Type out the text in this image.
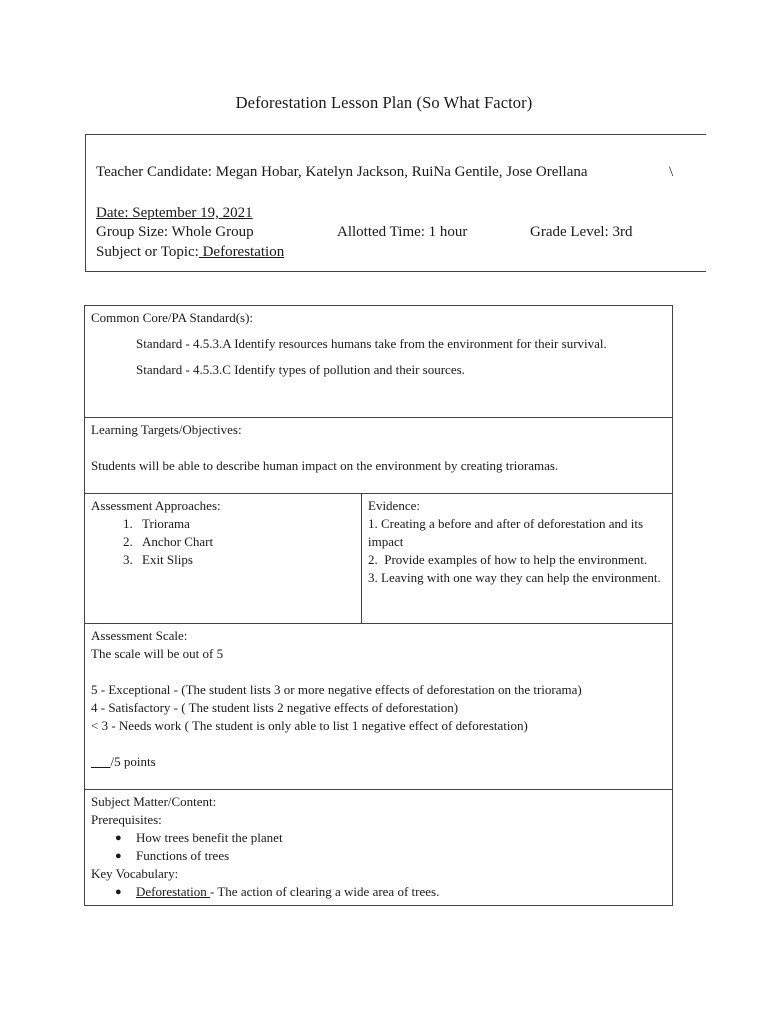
Deforestation Lesson Plan (So What Factor)
Teacher Candidate: Megan Hobar, Katelyn Jackson, RuiNa Gentile, Jose Orellana	\
Date: September 19, 2021
Group Size: Whole Group	Allotted Time: 1 hour	Grade Level: 3rd
Subject or Topic: Deforestation

Common Core/PA Standard(s):

Standard - 4.5.3.A Identify resources humans take from the environment for their survival.

Standard - 4.5.3.C Identify types of pollution and their sources.

Learning Targets/Objectives:

Students will be able to describe human impact on the environment by creating trioramas.

Assessment Approaches:

1. Triorama
2. Anchor Chart
3. Exit Slips

Evidence:

1. Creating a before and after of deforestation and its impact

2.  Provide examples of how to help the environment.

3. Leaving with one way they can help the environment.

Assessment Scale:

The scale will be out of 5

5 - Exceptional - (The student lists 3 or more negative effects of deforestation on the triorama)

4 - Satisfactory - ( The student lists 2 negative effects of deforestation)

< 3 - Needs work ( The student is only able to list 1 negative effect of deforestation)

___/5 points

Subject Matter/Content:

Prerequisites:

● How trees benefit the planet
● Functions of trees

Key Vocabulary:

● Deforestation - The action of clearing a wide area of trees.
